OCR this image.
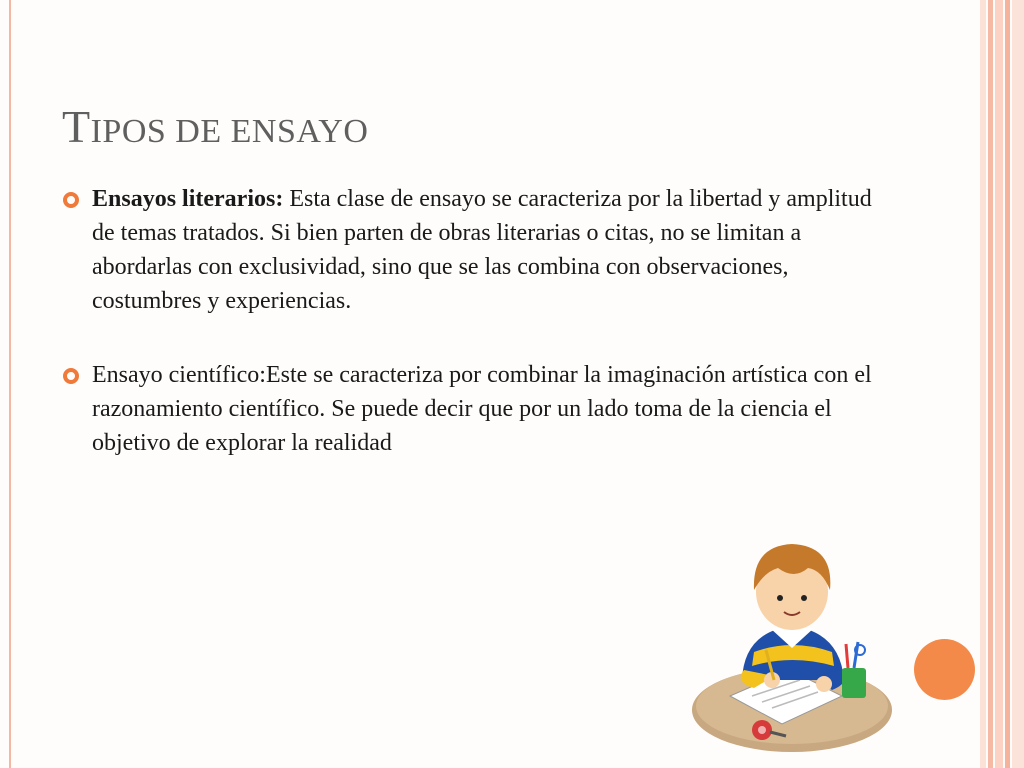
TIPOS DE ENSAYO
Ensayos literarios: Esta clase de ensayo se caracteriza por la libertad y amplitud de temas tratados. Si bien parten de obras literarias o citas, no se limitan a abordarlas con exclusividad, sino que se las combina con observaciones, costumbres y experiencias.
Ensayo científico:Este se caracteriza por combinar la imaginación artística con el razonamiento científico. Se puede decir que por un lado toma de la ciencia el objetivo de explorar la realidad
